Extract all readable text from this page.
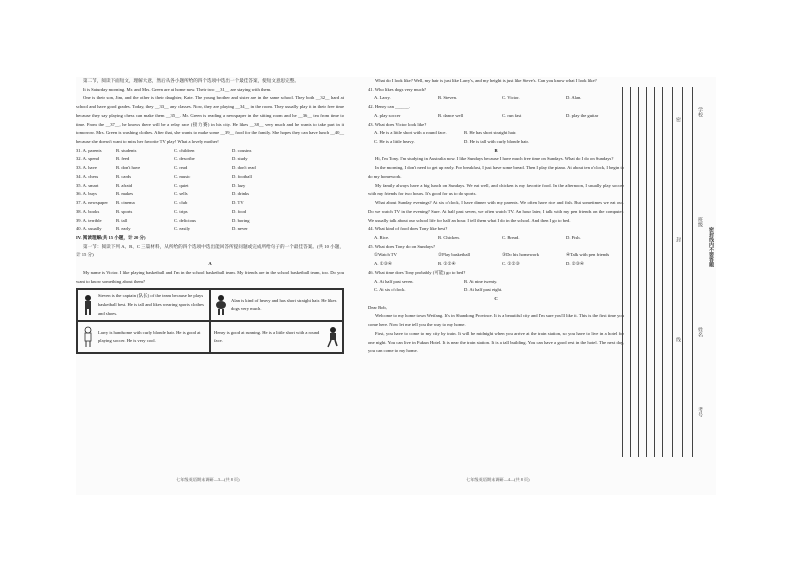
第二节，阅读下面短文，理解大意，然后从各小题所给的四个选项中选出一个最佳答案，使短文意思完整。

It is Saturday morning. Mr. and Mrs. Green are at home now. Their two __31__ are staying with them.

One is their son, Jim, and the other is their daughter, Kate. The young brother and sister are in the same school. They both __32__ hard at school and have good grades. Today, they __33__ any classes. Now, they are playing __34__ in the room. They usually play it in their free time because they say playing chess can make them __35__. Mr. Green is reading a newspaper in the sitting room and he __36__ tea from time to time. From the __37__, he knows there will be a relay race (接力赛) in his city. He likes __38__ very much and he wants to take part in it tomorrow. Mrs. Green is washing clothes. After that, she wants to make some __39__ food for the family. She hopes they can have lunch __40__ because she doesn't want to miss her favorite TV play! What a lovely mother!

31. A. parents	B. students	C. children	D. cousins
32. A. spend	B. feed	C. describe	D. study
33. A. have	B. don't have	C. read	D. don't read
34. A. chess	B. cards	C. music	D. football
35. A. smart	B. afraid	C. quiet	D. lazy
36. A. buys	B. makes	C. sells	D. drinks
37. A. newspaper	B. cinema	C. club	D. TV
38. A. books	B. sports	C. trips	D. food
39. A. terrible	B. tall	C. delicious	D. boring
40. A. usually	B. early	C. easily	D. never

IV. 阅读理解(共 15 小题，计 20 分)

第一节：阅读下列 A、B、C 三篇材料，从所给的四个选项中选出能回答所提问题或完成所给句子的一个最佳答案。(共 10 小题，计 15 分)

A

My name is Victor. I like playing basketball and I'm in the school basketball team. My friends are in the school basketball team, too. Do you want to know something about them?

Steven is the captain (队长) of the team because he plays basketball best. He is tall and likes wearing sports clothes and shoes.
Alan is kind of heavy and has short straight hair. He likes dogs very much.
Larry is handsome with curly blonde hair. He is good at playing soccer. He is very cool.
Henry is good at running. He is a little short with a round face.
七年级英语期末调研—3—(共 8 页)

What do I look like? Well, my hair is just like Larry's, and my height is just like Steve's. Can you know what I look like?

41. Who likes dogs very much?

A. Larry.	B. Steven.	C. Victor.	D. Alan.

42. Henry can ______.

A. play soccer	B. dance well	C. run fast	D. play the guitar

43. What does Victor look like?

A. He is a little short with a round face.	B. He has short straight hair.
C. He is a little heavy.	D. He is tall with curly blonde hair.

B

Hi, I'm Tony. I'm studying in Australia now. I like Sundays because I have much free time on Sundays. What do I do on Sundays?

In the morning, I don't need to get up early. For breakfast, I just have some bread. Then I play the piano. At about ten o'clock, I begin to do my homework.

My family always have a big lunch on Sundays. We eat well, and chicken is my favorite food. In the afternoon, I usually play soccer with my friends for two hours. It's good for us to do sports.

What about Sunday evenings? At six o'clock, I have dinner with my parents. We often have rice and fish. But sometimes we eat out. Do we watch TV in the evening? Sure. At half past seven, we often watch TV. An hour later, I talk with my pen friends on the computer. We usually talk about our school life for half an hour. I tell them what I do in the school. And then I go to bed.

44. What kind of food does Tony like best?

A. Rice.	B. Chicken.	C. Bread.	D. Fish.

45. What does Tony do on Sundays?

①Watch TV	②Play basketball	③Do his homework	④Talk with pen friends
A. ①③④	B. ①②④	C. ①②③	D. ②③④

46. What time does Tony probably (可能) go to bed?

A. At half past seven.	B. At nine twenty.
C. At six o'clock.	D. At half past eight.

C

Dear Bob,

Welcome to my home town Weifang. It's in Shandong Province. It is a beautiful city and I'm sure you'll like it. This is the first time you come here. Now let me tell you the way to my home.

First, you have to come to my city by train. It will be midnight when you arrive at the train station, so you have to live in a hotel for one night. You can live in Fukun Hotel. It is near the train station. It is a tall building. You can have a good rest in the hotel. The next day, you can come to my home.

七年级英语期末调研—4—(共 8 页)
密
封
线
学校
班级
姓名
考号
密封线内不要答题
